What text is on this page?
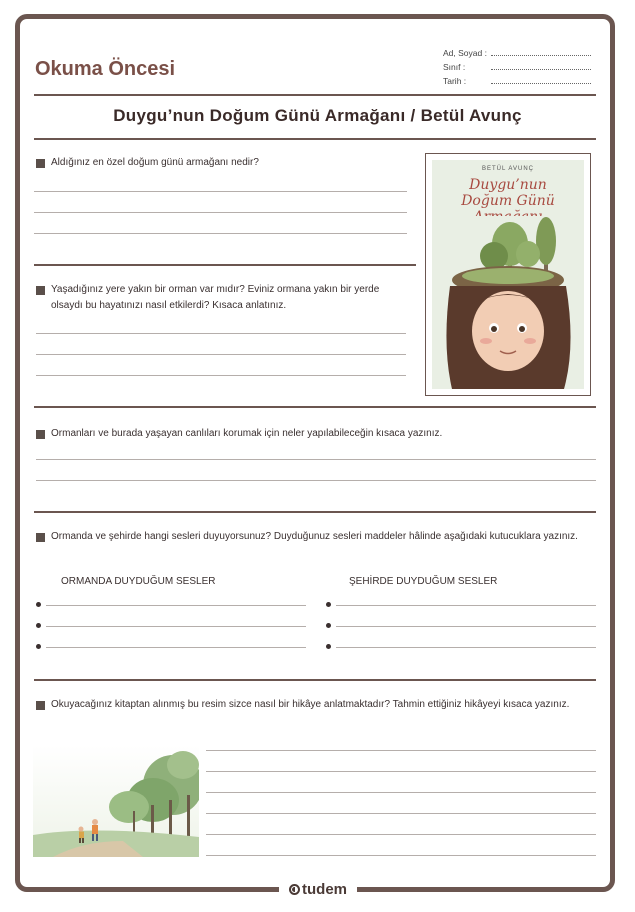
Okuma Öncesi
Ad, Soyad :
Sınıf :
Tarih :
Duygu’nun Doğum Günü Armağanı / Betül Avunç
Aldığınız en özel doğum günü armağanı nedir?
Yaşadığınız yere yakın bir orman var mıdır? Eviniz ormana yakın bir yerde olsaydı bu hayatınızı nasıl etkilerdi? Kısaca anlatınız.
BETÜL AVUNÇ
Duygu’nun
Doğum Günü
Ormanları ve burada yaşayan canlıları korumak için neler yapılabileceğin kısaca yazınız.
Ormanda ve şehirde hangi sesleri duyuyorsunuz? Duyduğunuz sesleri maddeler hâlinde aşağıdaki kutucuklara yazınız.
ORMANDA DUYDUĞUM SESLER	ŞEHİRDE DUYDUĞUM SESLER
Okuyacağınız kitaptan alınmış bu resim sizce nasıl bir hikâye anlatmaktadır? Tahmin ettiğiniz hikâyeyi kısaca yazınız.
tudem
